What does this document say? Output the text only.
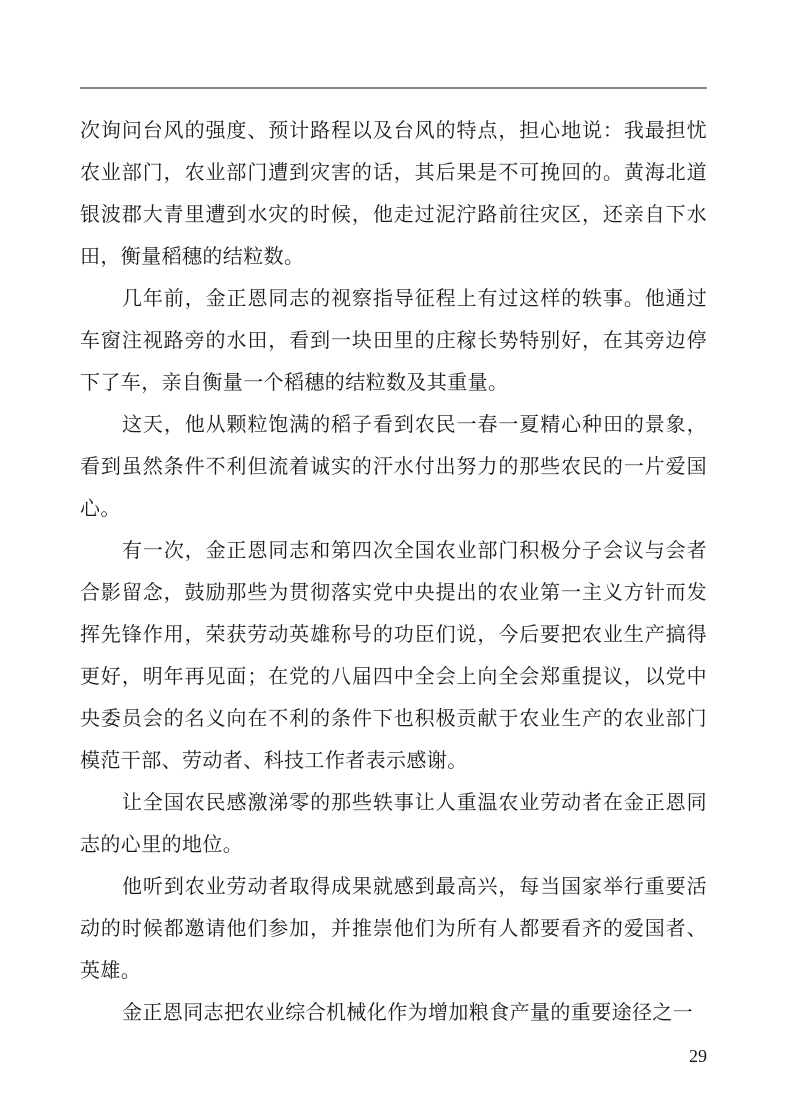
次询问台风的强度、预计路程以及台风的特点，担心地说：我最担忧农业部门，农业部门遭到灾害的话，其后果是不可挽回的。黄海北道银波郡大青里遭到水灾的时候，他走过泥泞路前往灾区，还亲自下水田，衡量稻穗的结粒数。

几年前，金正恩同志的视察指导征程上有过这样的轶事。他通过车窗注视路旁的水田，看到一块田里的庄稼长势特别好，在其旁边停下了车，亲自衡量一个稻穗的结粒数及其重量。

这天，他从颗粒饱满的稻子看到农民一春一夏精心种田的景象，看到虽然条件不利但流着诚实的汗水付出努力的那些农民的一片爱国心。

有一次，金正恩同志和第四次全国农业部门积极分子会议与会者合影留念，鼓励那些为贯彻落实党中央提出的农业第一主义方针而发挥先锋作用，荣获劳动英雄称号的功臣们说，今后要把农业生产搞得更好，明年再见面；在党的八届四中全会上向全会郑重提议，以党中央委员会的名义向在不利的条件下也积极贡献于农业生产的农业部门模范干部、劳动者、科技工作者表示感谢。

让全国农民感激涕零的那些轶事让人重温农业劳动者在金正恩同志的心里的地位。

他听到农业劳动者取得成果就感到最高兴，每当国家举行重要活动的时候都邀请他们参加，并推崇他们为所有人都要看齐的爱国者、英雄。

金正恩同志把农业综合机械化作为增加粮食产量的重要途径之一

29
